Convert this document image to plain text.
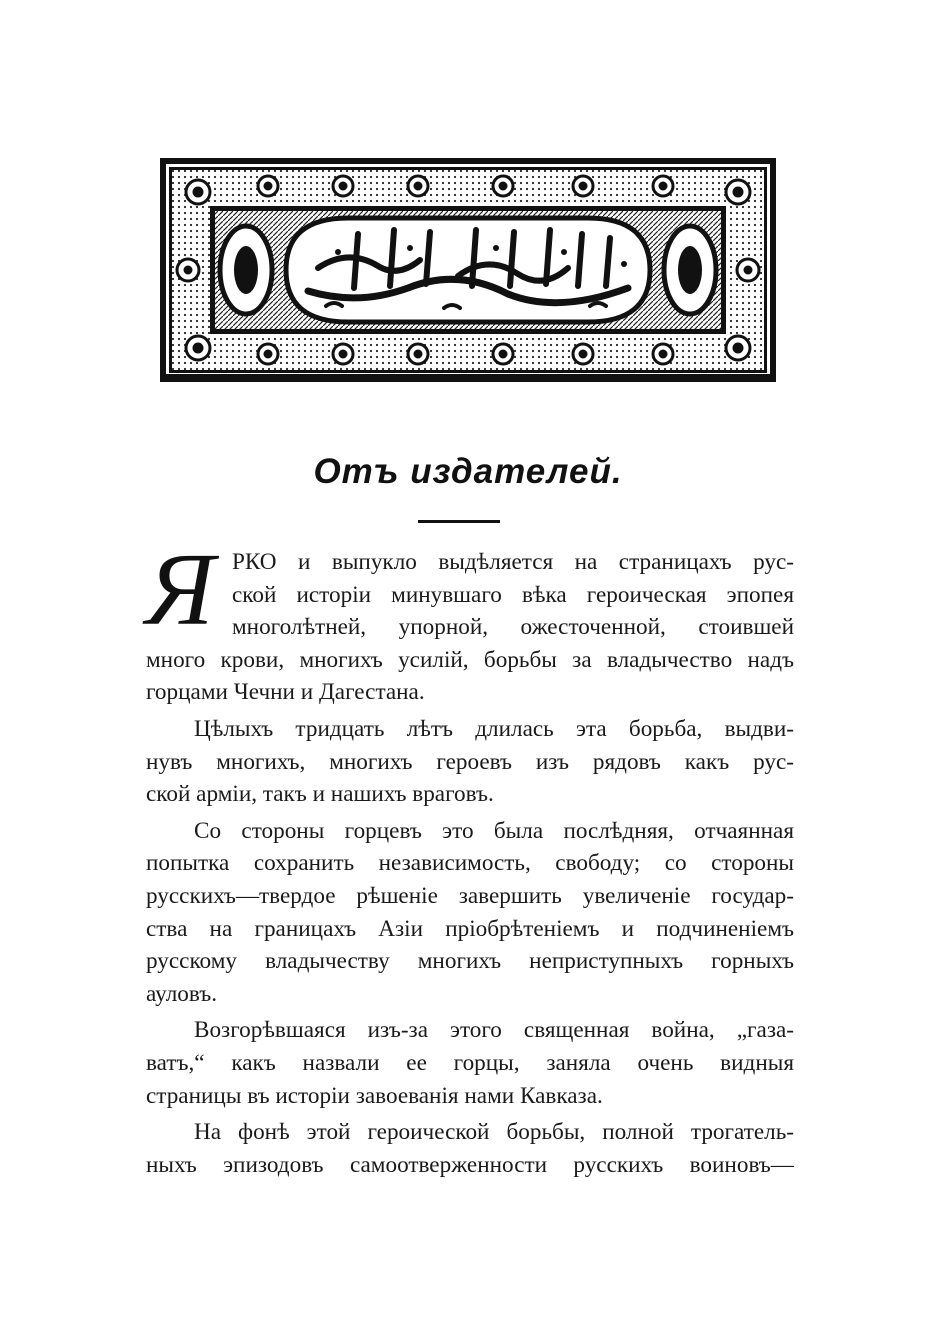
Отъ издателей.
Я РКО и выпукло выдѣляется на страницахъ рус-
ской исторіи минувшаго вѣка героическая эпопея
многолѣтней, упорной, ожесточенной, стоившей
много крови, многихъ усилій, борьбы за владычество надъ
горцами Чечни и Дагестана.
Цѣлыхъ тридцать лѣтъ длилась эта борьба, выдви-
нувъ многихъ, многихъ героевъ изъ рядовъ какъ рус-
ской арміи, такъ и нашихъ враговъ.
Со стороны горцевъ это была послѣдняя, отчаянная
попытка сохранить независимость, свободу; со стороны
русскихъ—твердое рѣшеніе завершить увеличеніе государ-
ства на границахъ Азіи пріобрѣтеніемъ и подчиненіемъ
русскому владычеству многихъ неприступныхъ горныхъ
ауловъ.
Возгорѣвшаяся изъ-за этого священная война, „газа-
ватъ,“ какъ назвали ее горцы, заняла очень видныя
страницы въ исторіи завоеванія нами Кавказа.
На фонѣ этой героической борьбы, полной трогатель-
ныхъ эпизодовъ самоотверженности русскихъ воиновъ—
